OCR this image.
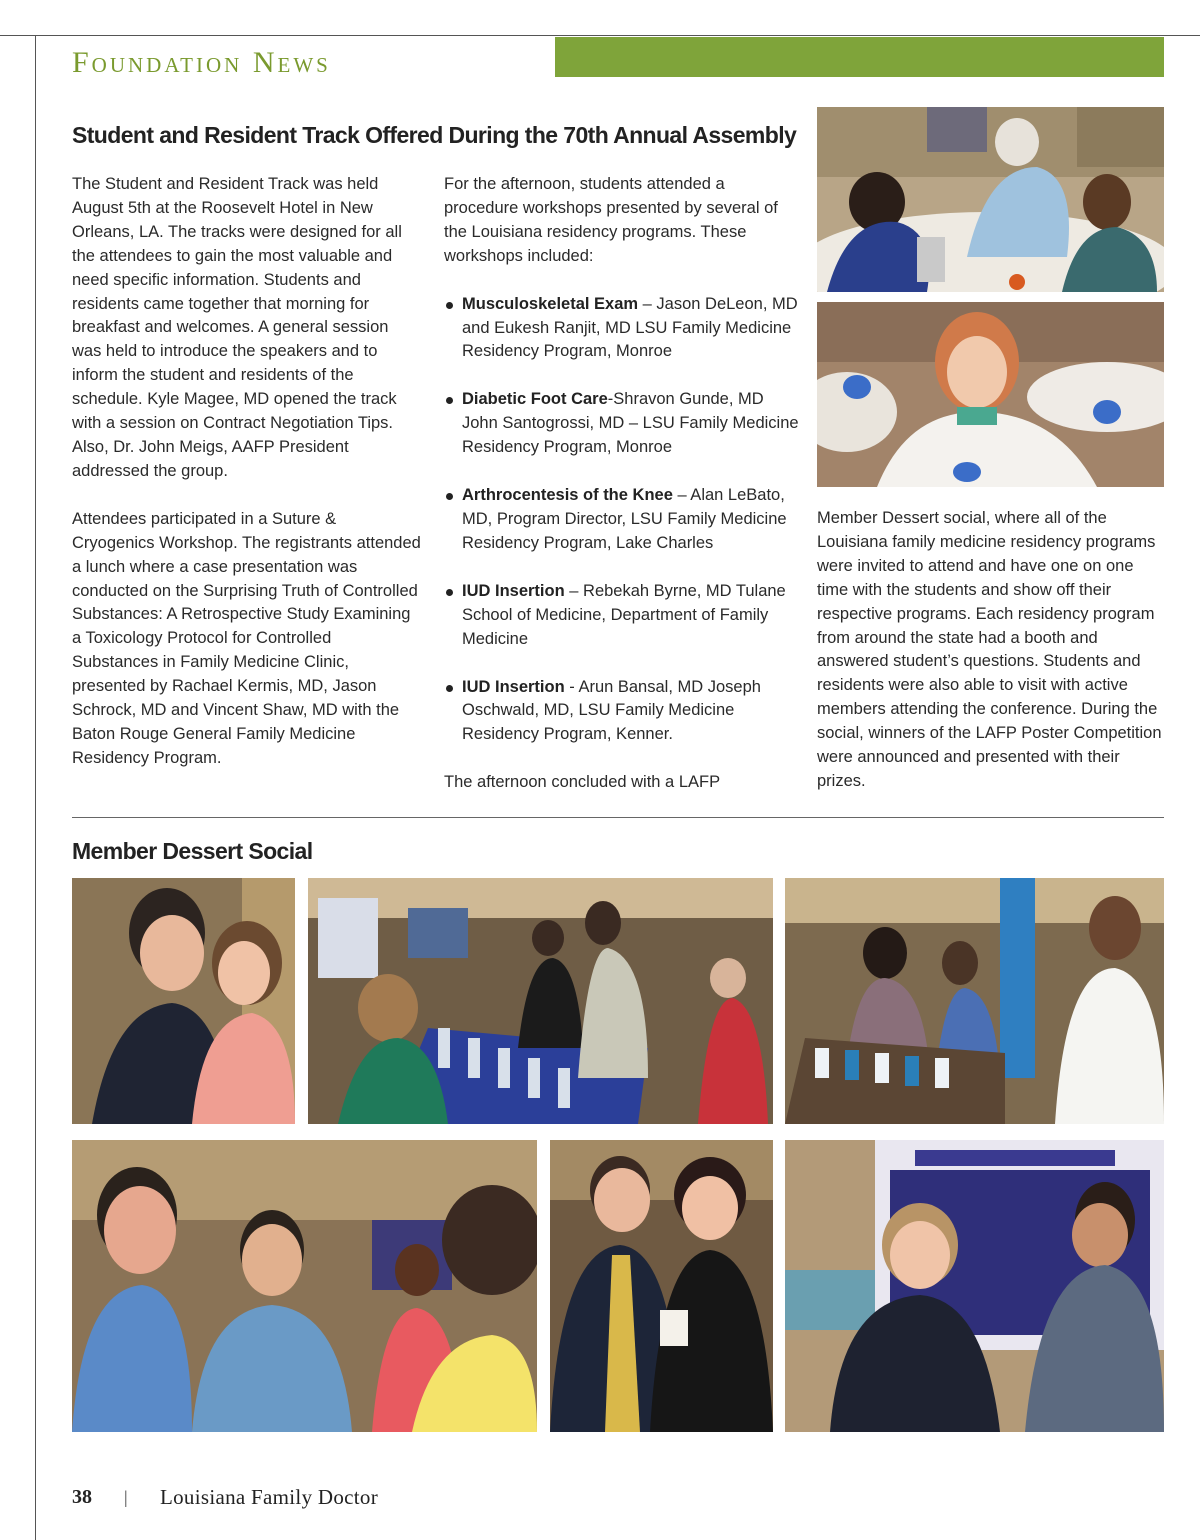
Foundation News
Student and Resident Track Offered During the 70th Annual Assembly

The Student and Resident Track was held August 5th at the Roosevelt Hotel in New Orleans, LA. The tracks were designed for all the attendees to gain the most valuable and need specific information. Students and residents came together that morning for breakfast and welcomes. A general session was held to introduce the speakers and to inform the student and residents of the schedule. Kyle Magee, MD opened the track with a session on Contract Negotiation Tips. Also, Dr. John Meigs, AAFP President addressed the group.

Attendees participated in a Suture & Cryogenics Workshop. The registrants attended a lunch where a case presentation was conducted on the Surprising Truth of Controlled Substances: A Retrospective Study Examining a Toxicology Protocol for Controlled Substances in Family Medicine Clinic, presented by Rachael Kermis, MD, Jason Schrock, MD and Vincent Shaw, MD with the Baton Rouge General Family Medicine Residency Program.

For the afternoon, students attended a procedure workshops presented by several of the Louisiana residency programs. These workshops included:

Musculoskeletal Exam – Jason DeLeon, MD and Eukesh Ranjit, MD LSU Family Medicine Residency Program, Monroe
Diabetic Foot Care-Shravon Gunde, MD John Santogrossi, MD – LSU Family Medicine Residency Program, Monroe
Arthrocentesis of the Knee – Alan LeBato, MD, Program Director, LSU Family Medicine Residency Program, Lake Charles
IUD Insertion – Rebekah Byrne, MD Tulane School of Medicine, Department of Family Medicine
IUD Insertion - Arun Bansal, MD Joseph Oschwald, MD, LSU Family Medicine Residency Program, Kenner.

The afternoon concluded with a LAFP

Member Dessert social, where all of the Louisiana family medicine residency programs were invited to attend and have one on one time with the students and show off their respective programs. Each residency program from around the state had a booth and answered student’s questions. Students and residents were also able to visit with active members attending the conference. During the social, winners of the LAFP Poster Competition were announced and presented with their prizes.

Member Dessert Social
38 | Louisiana Family Doctor
